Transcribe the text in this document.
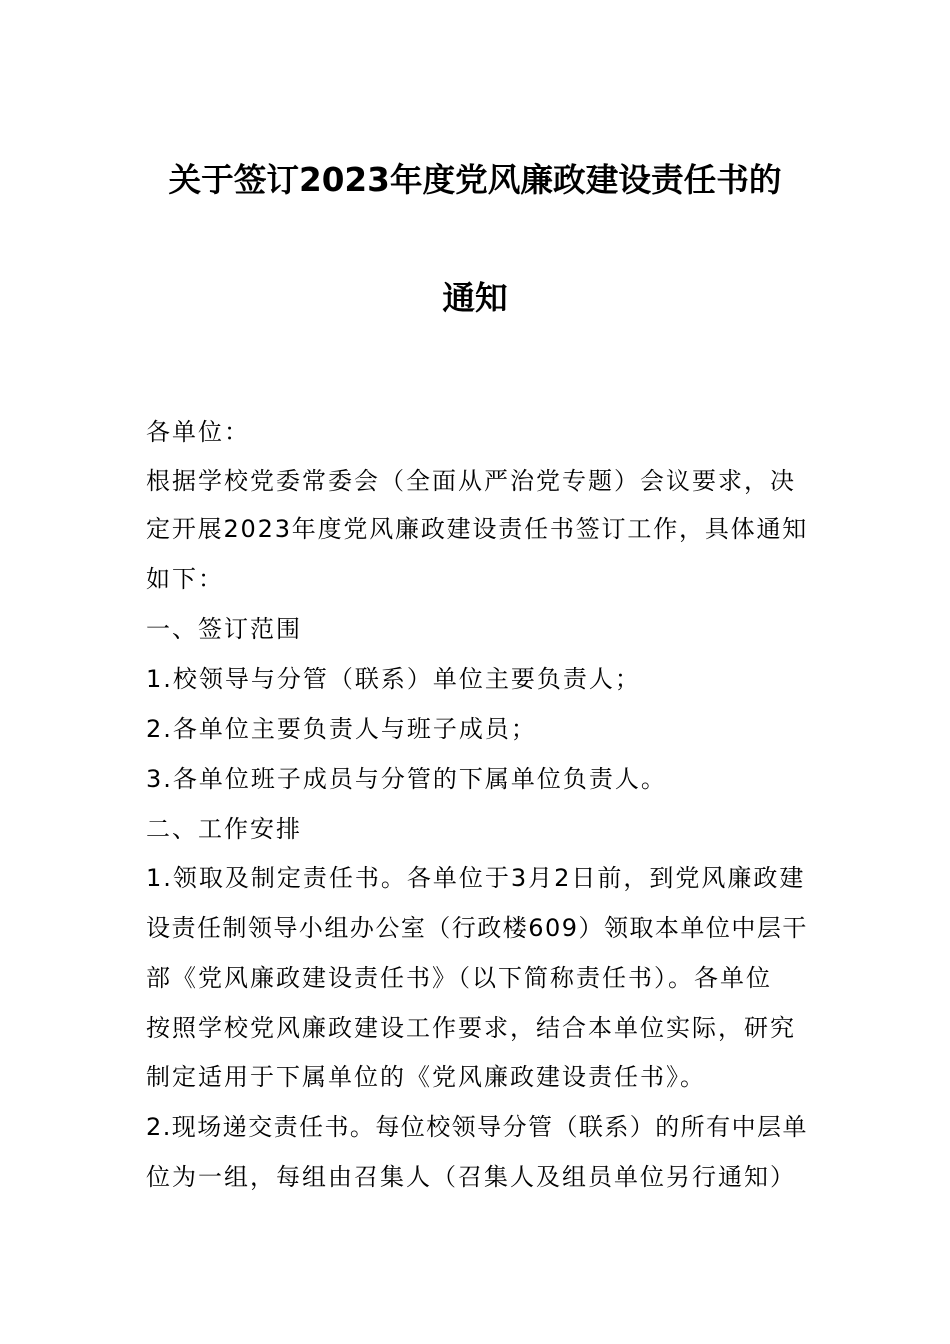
关于签订2023年度党风廉政建设责任书的
通知
各单位：
根据学校党委常委会（全面从严治党专题）会议要求，决
定开展2023年度党风廉政建设责任书签订工作，具体通知
如下：
一、签订范围
1.校领导与分管（联系）单位主要负责人；
2.各单位主要负责人与班子成员；
3.各单位班子成员与分管的下属单位负责人。
二、工作安排
1.领取及制定责任书。各单位于3月2日前，到党风廉政建
设责任制领导小组办公室（行政楼609）领取本单位中层干
部《党风廉政建设责任书》（以下简称责任书）。各单位
按照学校党风廉政建设工作要求，结合本单位实际，研究
制定适用于下属单位的《党风廉政建设责任书》。
2.现场递交责任书。每位校领导分管（联系）的所有中层单
位为一组，每组由召集人（召集人及组员单位另行通知）
